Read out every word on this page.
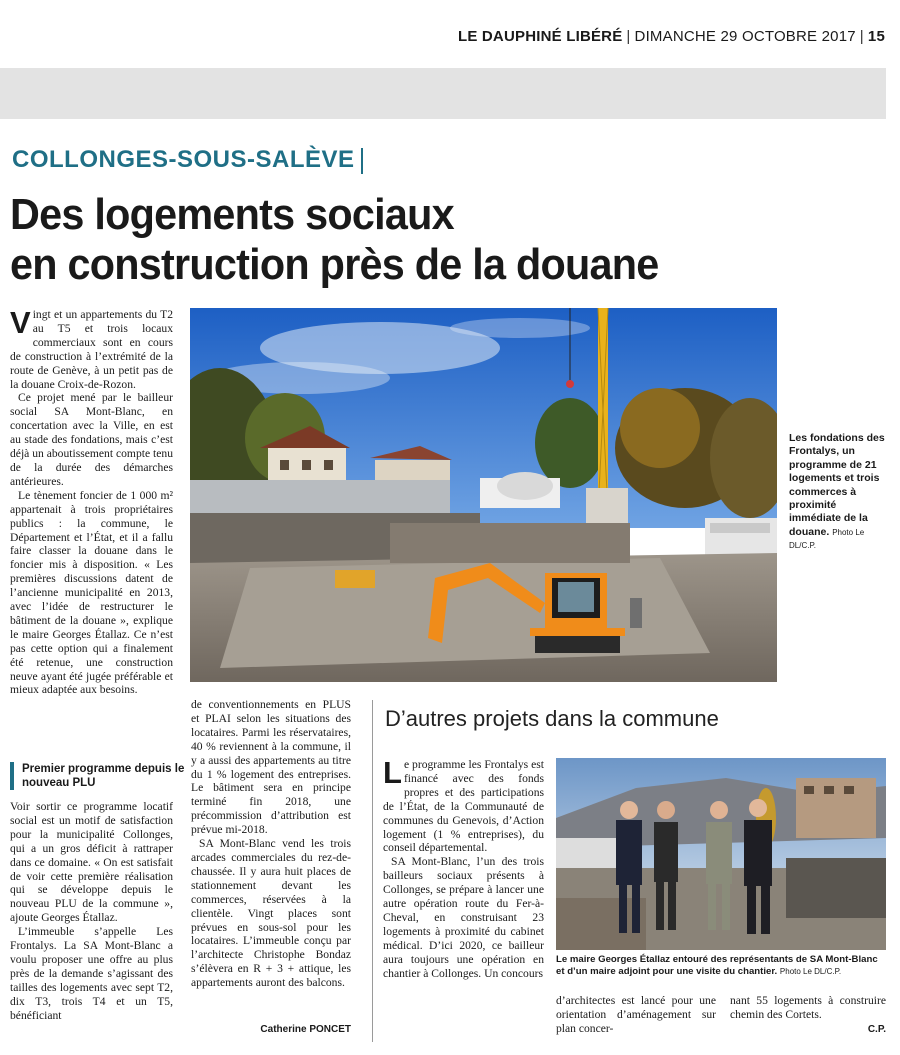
LE DAUPHINÉ LIBÉRÉ | DIMANCHE 29 OCTOBRE 2017 | 15
COLLONGES-SOUS-SALÈVE
Des logements sociaux
en construction près de la douane

Vingt et un appartements du T2 au T5 et trois locaux commerciaux sont en cours de construction à l’extrémité de la route de Genève, à un petit pas de la douane Croix-de-Rozon.

Ce projet mené par le bailleur social SA Mont-Blanc, en concertation avec la Ville, en est au stade des fondations, mais c’est déjà un aboutissement compte tenu de la durée des démarches antérieures.

Le tènement foncier de 1 000 m² appartenait à trois propriétaires publics : la commune, le Département et l’État, et il a fallu faire classer la douane dans le foncier mis à disposition. « Les premières discussions datent de l’ancienne municipalité en 2013, avec l’idée de restructurer le bâtiment de la douane », explique le maire Georges Étallaz. Ce n’est pas cette option qui a finalement été retenue, une construction neuve ayant été jugée préférable et mieux adaptée aux besoins.

Premier programme depuis le nouveau PLU

Voir sortir ce programme locatif social est un motif de satisfaction pour la municipalité Collonges, qui a un gros déficit à rattraper dans ce domaine. « On est satisfait de voir cette première réalisation qui se développe depuis le nouveau PLU de la commune », ajoute Georges Étallaz.

L’immeuble s’appelle Les Frontalys. La SA Mont-Blanc a voulu proposer une offre au plus près de la demande s’agissant des tailles des logements avec sept T2, dix T3, trois T4 et un T5, bénéficiant

de conventionnements en PLUS et PLAI selon les situations des locataires. Parmi les réservataires, 40 % reviennent à la commune, il y a aussi des appartements au titre du 1 % logement des entreprises. Le bâtiment sera en principe terminé fin 2018, une précommission d’attribution est prévue mi-2018.

SA Mont-Blanc vend les trois arcades commerciales du rez-de-chaussée. Il y aura huit places de stationnement devant les commerces, réservées à la clientèle. Vingt places sont prévues en sous-sol pour les locataires. L’immeuble conçu par l’architecte Christophe Bondaz s’élèvera en R + 3 + attique, les appartements auront des balcons.

Catherine PONCET
Les fondations des Frontalys, un programme de 21 logements et trois commerces à proximité immédiate de la douane. Photo Le DL/C.P.
D’autres projets dans la commune

Le programme les Frontalys est financé avec des fonds propres et des participations de l’État, de la Communauté de communes du Genevois, d’Action logement (1 % entreprises), du conseil départemental.

SA Mont-Blanc, l’un des trois bailleurs sociaux présents à Collonges, se prépare à lancer une autre opération route du Fer-à-Cheval, en construisant 23 logements à proximité du cabinet médical. D’ici 2020, ce bailleur aura toujours une opération en chantier à Collonges. Un concours

Le maire Georges Étallaz entouré des représentants de SA Mont-Blanc et d’un maire adjoint pour une visite du chantier. Photo Le DL/C.P.

d’architectes est lancé pour une orientation d’aménagement sur plan concer-

nant 55 logements à construire chemin des Cortets.

C.P.
